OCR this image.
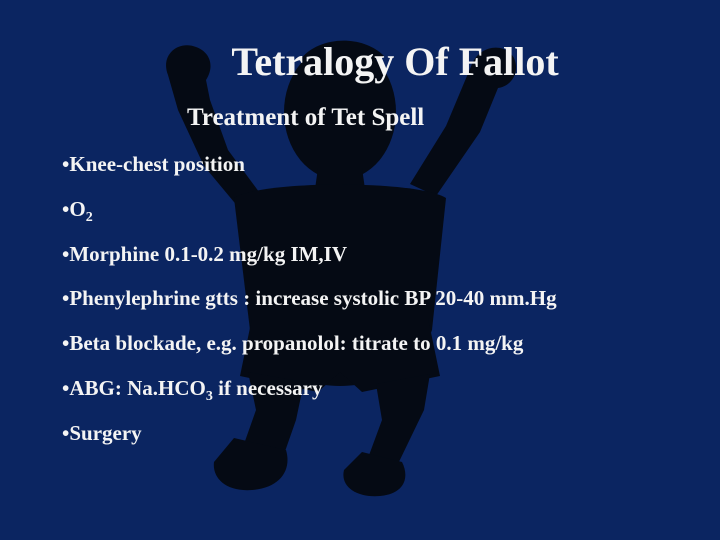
Tetralogy Of Fallot
Treatment of Tet Spell
•Knee-chest position
$•O_2$
•Morphine 0.1-0.2 mg/kg IM,IV
•Phenylephrine gtts : increase systolic BP 20-40 mm.Hg
•Beta blockade, e.g. propanolol: titrate to 0.1 mg/kg
•ABG: $Na.HCO_3$ if necessary
•Surgery
